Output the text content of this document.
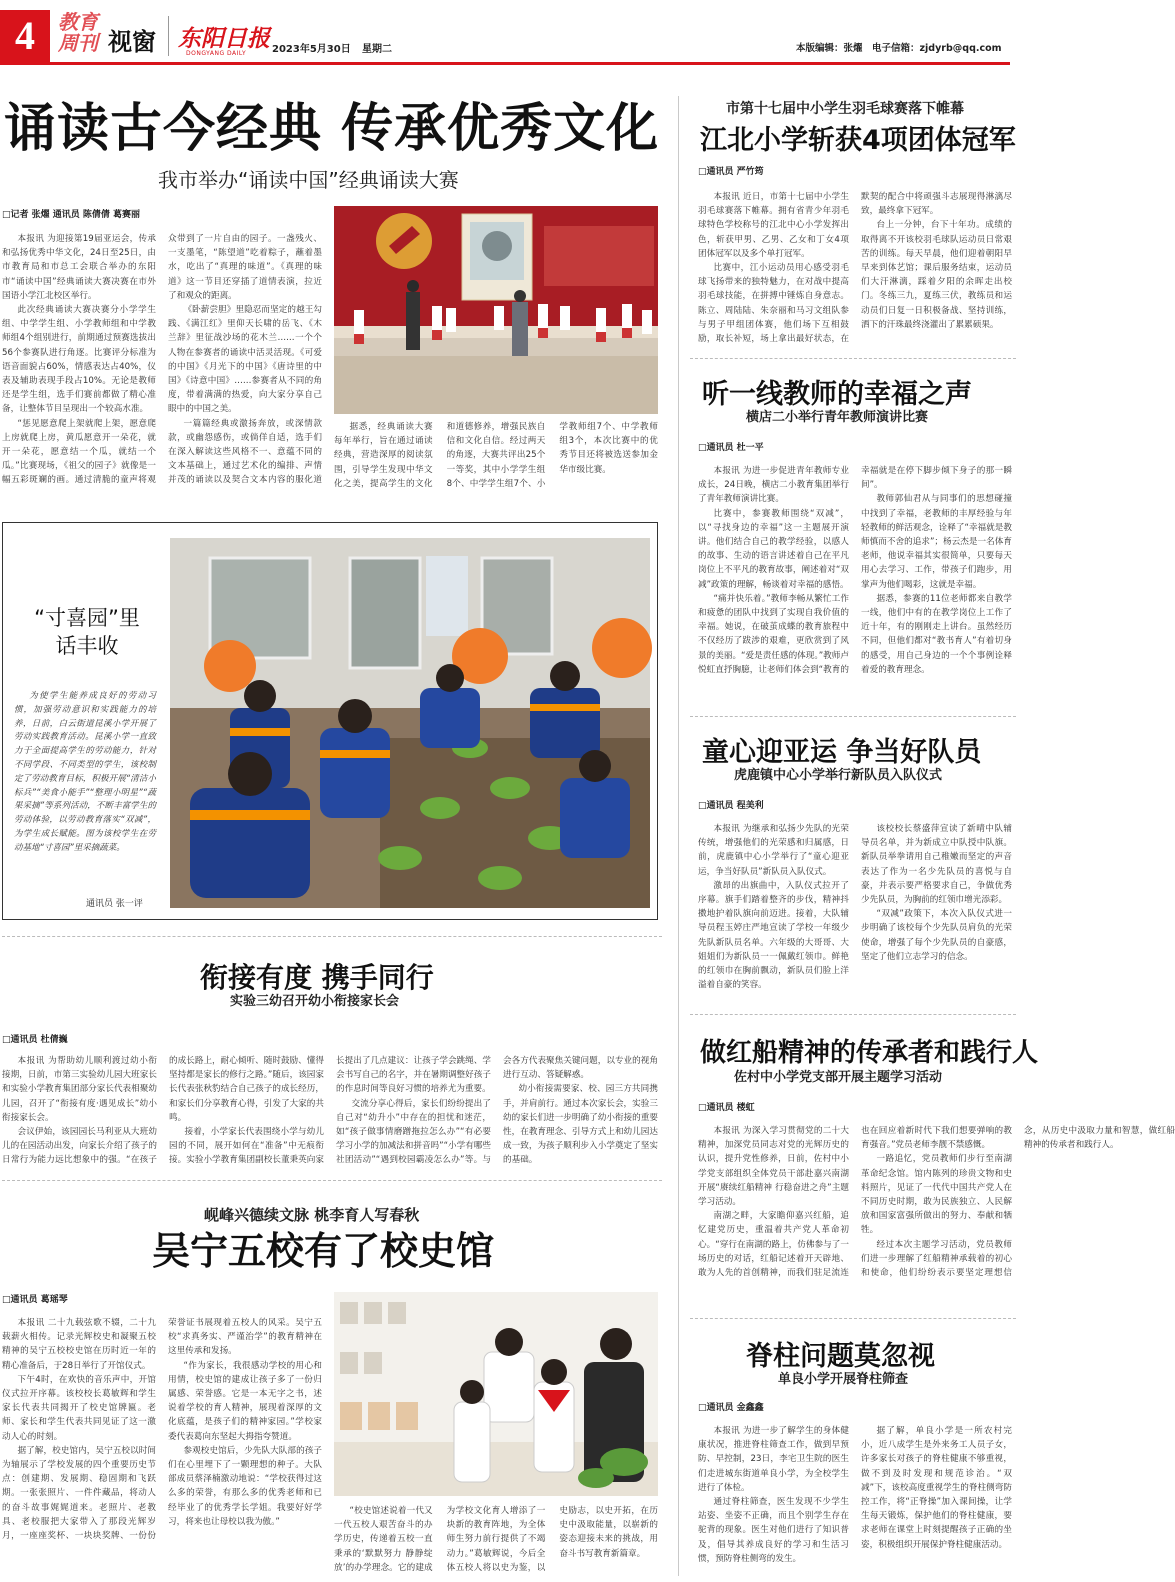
4	教育周刊 视窗 东阳日报
DONGYANG DAILY	2023年5月30日 星期二	本版编辑：张燿 电子信箱：zjdyrb@qq.com
诵读古今经典 传承优秀文化
我市举办“诵读中国”经典诵读大赛
□记者 张燿 通讯员 陈倩倩 葛赛丽

本报讯 为迎接第19届亚运会，传承和弘扬优秀中华文化，24日至25日，由市教育局和市总工会联合举办的东阳市“诵读中国”经典诵读大赛决赛在市外国语小学江北校区举行。

此次经典诵读大赛决赛分小学学生组、中学学生组、小学教师组和中学教师组4个组别进行，前期通过预赛选拔出56个参赛队进行角逐。比赛评分标准为语音面貌占60%，情感表达占40%，仪表及辅助表现手段占10%。无论是教师还是学生组，选手们赛前都做了精心准备，让整体节目呈现出一个较高水准。

“惩见愿意爬上架就爬上架，愿意爬上房就爬上房，黄瓜愿意开一朵花，就开一朵花，愿意结一个瓜，就结一个瓜。”比赛现场，《祖父的园子》就像是一幅五彩斑斓的画。通过清脆的童声将观众带到了一片自由的园子。一盏残火、一支墨笔，“陈望道”吃着粽子，蘸着墨水，吃出了“真理的味道”。《真理的味道》这一节目还穿插了道情表演，拉近了和观众的距离。

《卧薪尝胆》里隐忍而坚定的越王勾践、《满江红》里仰天长啸的岳飞、《木兰辞》里征战沙场的花木兰……一个个人物在参赛者的诵读中活灵活现。《可爱的中国》《月光下的中国》《唐诗里的中国》《诗意中国》……参赛者从不同的角度，带着满满的热爱，向大家分享自己眼中的中国之美。

一篇篇经典或激扬奔放，或深情款款，或幽怨感伤，或倘佯自适，选手们在深入解读这些风格不一、意蕴不同的文本基础上，通过艺术化的编排、声情并茂的诵读以及契合文本内容的服化道

据悉，经典诵读大赛每年举行，旨在通过诵读经典，营造深厚的阅读氛围，引导学生发现中华文化之美，提高学生的文化和道德修养，增强民族自信和文化自信。经过两天的角逐，大赛共评出25个一等奖，其中小学学生组8个、中学学生组7个、小学教师组7个、中学教师组3个，本次比赛中的优秀节目还将被选送参加金华市级比赛。

市第十七届中小学生羽毛球赛落下帷幕
江北小学斩获4项团体冠军
□通讯员 严竹筠

本报讯 近日，市第十七届中小学生羽毛球赛落下帷幕。拥有省青少年羽毛球特色学校称号的江北中心小学发挥出色，斩获甲男、乙男、乙女和丁女4项团体冠军以及多个单打冠军。

比赛中，江小运动员用心感受羽毛球飞扬带来的独特魅力，在对战中提高羽毛球技能，在拼搏中锤炼自身意志。陈立、周陆陆、朱奈丽和马习文组队参与男子甲组团体赛，他们场下互相鼓励，取长补短，场上拿出最好状态，在默契的配合中将顽强斗志展现得淋漓尽致，最终拿下冠军。

台上一分钟，台下十年功。成绩的取得离不开该校羽毛球队运动员日常艰苦的训练。每天早晨，他们迎着朝阳早早来到体艺馆；课后服务结束，运动员们大汗淋漓，踩着夕阳的余晖走出校门。冬练三九，夏练三伏，教练员和运动员们日复一日积极备战、坚持训练，洒下的汗珠最终浇灌出了累累硕果。

听一线教师的幸福之声
横店二小举行青年教师演讲比赛
□通讯员 杜一平

本报讯 为进一步促进青年教师专业成长，24日晚，横店二小教育集团举行了青年教师演讲比赛。

比赛中，参赛教师围绕“双减”，以“寻找身边的幸福”这一主题展开演讲。他们结合自己的教学经验，以感人的故事、生动的语言讲述着自己在平凡岗位上不平凡的教育故事，阐述着对“双减”政策的理解，畅谈着对幸福的感悟。

“痛并快乐着。”教师李畅从繁忙工作和疲惫的团队中找到了实现自我价值的幸福。她说，在破茧成蝶的教育旅程中不仅经历了跋涉的艰难，更欣赏到了风景的美丽。“爱是责任感的体现。”教师卢悦虹直抒胸臆，让老师们体会到“教育的幸福就是在停下脚步倾下身子的那一瞬间”。

教师郭仙君从与同事们的思想碰撞中找到了幸福，老教师的丰厚经验与年轻教师的鲜活观念，诠释了“幸福就是教师慎而不舍的追求”；杨云杰是一名体育老师，他说幸福其实很简单，只要每天用心去学习、工作，带孩子们跑步，用掌声为他们喝彩，这就是幸福。

据悉，参赛的11位老师都来自教学一线，他们中有的在教学岗位上工作了近十年，有的刚刚走上讲台。虽然经历不同，但他们都对“教书育人”有着切身的感受，用自己身边的一个个事例诠释着爱的教育理念。

“寸喜园”里
话丰收
为使学生能养成良好的劳动习惯，加强劳动意识和实践能力的培养，日前，白云街道昆溪小学开展了劳动实践教育活动。昆溪小学一直致力于全面提高学生的劳动能力，针对不同学段、不同类型的学生，该校制定了劳动教育目标，积极开展“清洁小标兵”“美食小能手”“整理小明星”“蔬果采摘”等系列活动，不断丰富学生的劳动体验，以劳动教育落实“双减”，为学生成长赋能。图为该校学生在劳动基地“寸喜园”里采摘蔬菜。
通讯员 张一评
童心迎亚运 争当好队员
虎鹿镇中心小学举行新队员入队仪式
□通讯员 程美利

本报讯 为继承和弘扬少先队的光荣传统，增强他们的光荣感和归属感，日前，虎鹿镇中心小学举行了“童心迎亚运，争当好队员”新队员入队仪式。

激昂的出旗曲中，入队仪式拉开了序幕。旗手们踏着整齐的步伐，精神抖擞地护着队旗向前迈进。接着，大队辅导员程玉婷庄严地宣读了学校一年级少先队新队员名单。六年级的大哥哥、大姐姐们为新队员一一佩戴红领巾。鲜艳的红领巾在胸前飘动，新队员们脸上洋溢着自豪的笑容。

该校校长蔡盛萍宣读了新晴中队辅导员名单，并为新成立中队授中队旗。新队员举拳请用自己稚嫩而坚定的声音表达了作为一名少先队员的喜悦与自豪，并表示要严格要求自己，争做优秀少先队员，为胸前的红领巾增光添彩。

“双减”政策下，本次入队仪式进一步明确了该校每个少先队员肩负的光荣使命，增强了每个少先队员的自豪感，坚定了他们立志学习的信念。

衔接有度 携手同行
实验三幼召开幼小衔接家长会
□通讯员 杜倩巍

本报讯 为帮助幼儿顺利渡过幼小衔接期，日前，市第三实验幼儿园大班家长和实验小学教育集团部分家长代表相聚幼儿园，召开了“衔接有度·遇见成长”幼小衔接家长会。

会议伊始，该园园长马利亚从大班幼儿的在园活动出发，向家长介绍了孩子的日常行为能力远比想象中的强。“在孩子的成长路上，耐心倾听、随时鼓励、懂得坚持都是家长的修行之路。”随后，该园家长代表张秋豹结合自己孩子的成长经历，和家长们分享教育心得，引发了大家的共鸣。

接着，小学家长代表围绕小学与幼儿园的不同，展开如何在“准备”中无痕衔接。实验小学教育集团副校长董秉英向家长提出了几点建议：让孩子学会跳绳、学会书写自己的名字，并在暑期调整好孩子的作息时间等良好习惯的培养尤为重要。

交流分享心得后，家长们纷纷提出了自己对“幼升小”中存在的担忧和迷茫，如“孩子做事情磨蹭拖拉怎么办”“有必要学习小学的加减法和拼音吗”“小学有哪些社团活动”“遇到校园霸凌怎么办”等。与会各方代表聚焦关键问题，以专业的视角进行互动、答疑解惑。

幼小衔接需要家、校、园三方共同携手，并肩前行。通过本次家长会，实验三幼的家长们进一步明确了幼小衔接的重要性，在教育理念、引导方式上和幼儿园达成一致，为孩子顺利步入小学奠定了坚实的基础。

做红船精神的传承者和践行人
佐村中小学党支部开展主题学习活动
□通讯员 楼虹

本报讯 为深入学习贯彻党的二十大精神，加深党员同志对党的光辉历史的认识，提升党性修养，日前，佐村中小学党支部组织全体党员干部赴嘉兴南湖开展“赓续红船精神 行稳奋进之舟”主题学习活动。

南湖之畔，大家瞻仰嘉兴红船，追忆建党历史，重温着共产党人革命初心。“穿行在南湖的路上，仿佛参与了一场历史的对话，红船记述着开天辟地、敢为人先的首创精神，而我们驻足流连也在回应着新时代下我们想要弹响的教育强音。”党员老师李靓不禁感慨。

一路追忆，党员教师们步行至南湖革命纪念馆。馆内陈列的珍贵文物和史料照片，见证了一代代中国共产党人在不同历史时期，敢为民族独立、人民解放和国家富强所做出的努力、奉献和牺牲。

经过本次主题学习活动，党员教师们进一步理解了红船精神承载着的初心和使命，他们纷纷表示要坚定理想信念，从历史中汲取力量和智慧，做红船精神的传承者和践行人。

岘峰兴德续文脉 桃李育人写春秋
吴宁五校有了校史馆
□通讯员 葛瑶琴

本报讯 二十九载弦歌不辍，二十九载薪火相传。记录光辉校史和凝聚五校精神的吴宁五校校史馆在历时近一年的精心准备后，于28日举行了开馆仪式。

下午4时，在欢快的音乐声中，开馆仪式拉开序幕。该校校长葛敏辉和学生家长代表共同揭开了校史馆牌匾。老师、家长和学生代表共同见证了这一激动人心的时刻。

据了解，校史馆内，吴宁五校以时间为轴展示了学校发展的四个重要历史节点：创建期、发展期、稳固期和飞跃期。一张张照片、一件件藏品，将动人的奋斗故事娓娓道来。老照片、老教具、老校服把大家带入了那段光辉岁月，一座座奖杯、一块块奖牌、一份份荣誉证书展现着五校人的风采。吴宁五校“求真务实、严谨治学”的教育精神在这里传承和发扬。

“作为家长，我很感动学校的用心和用情，校史馆的建成让孩子多了一份归属感、荣誉感。它是一本无字之书，述说着学校的育人精神，展现着深厚的文化底蕴，是孩子们的精神家园。”学校家委代表葛向东坚起大拇指夸赞道。

参观校史馆后，少先队大队部的孩子们在心里埋下了一颗理想的种子。大队部成员蔡泽楠激动地说：“学校获得过这么多的荣誉，有那么多的优秀老师和已经毕业了的优秀学长学姐。我要好好学习，将来也让母校以我为傲。”

“校史馆述说着一代又一代五校人艰苦奋斗的办学历史，传递着五校一直秉承的‘默默努力 静静绽放’的办学理念。它的建成为学校文化育人增添了一块新的教育阵地，为全体师生努力前行提供了不竭动力。”葛敏辉说，今后全体五校人将以史为鉴，以史励志，以史开拓，在历史中汲取能量，以崭新的姿态迎接未来的挑战，用奋斗书写教育新篇章。

脊柱问题莫忽视
单良小学开展脊柱筛查
□通讯员 金鑫鑫

本报讯 为进一步了解学生的身体健康状况，推进脊柱筛查工作，做到早预防、早控制，23日，李宅卫生院的医生们走进城东街道单良小学，为全校学生进行了体检。

通过脊柱筛查，医生发现不少学生站姿、坐姿不正确，而且个别学生存在驼背的现象。医生对他们进行了知识普及，倡导其养成良好的学习和生活习惯，预防脊柱侧弯的发生。

据了解，单良小学是一所农村完小，近八成学生是外来务工人员子女，许多家长对孩子的脊柱健康不够重视，做不到及时发现和规范诊治。“双减”下，该校高度重视学生的脊柱侧弯防控工作，将“正脊操”加入课间操，让学生每天锻炼，保护他们的脊柱健康，要求老师在课堂上时刻提醒孩子正确的坐姿，积极组织开展保护脊柱健康活动。
